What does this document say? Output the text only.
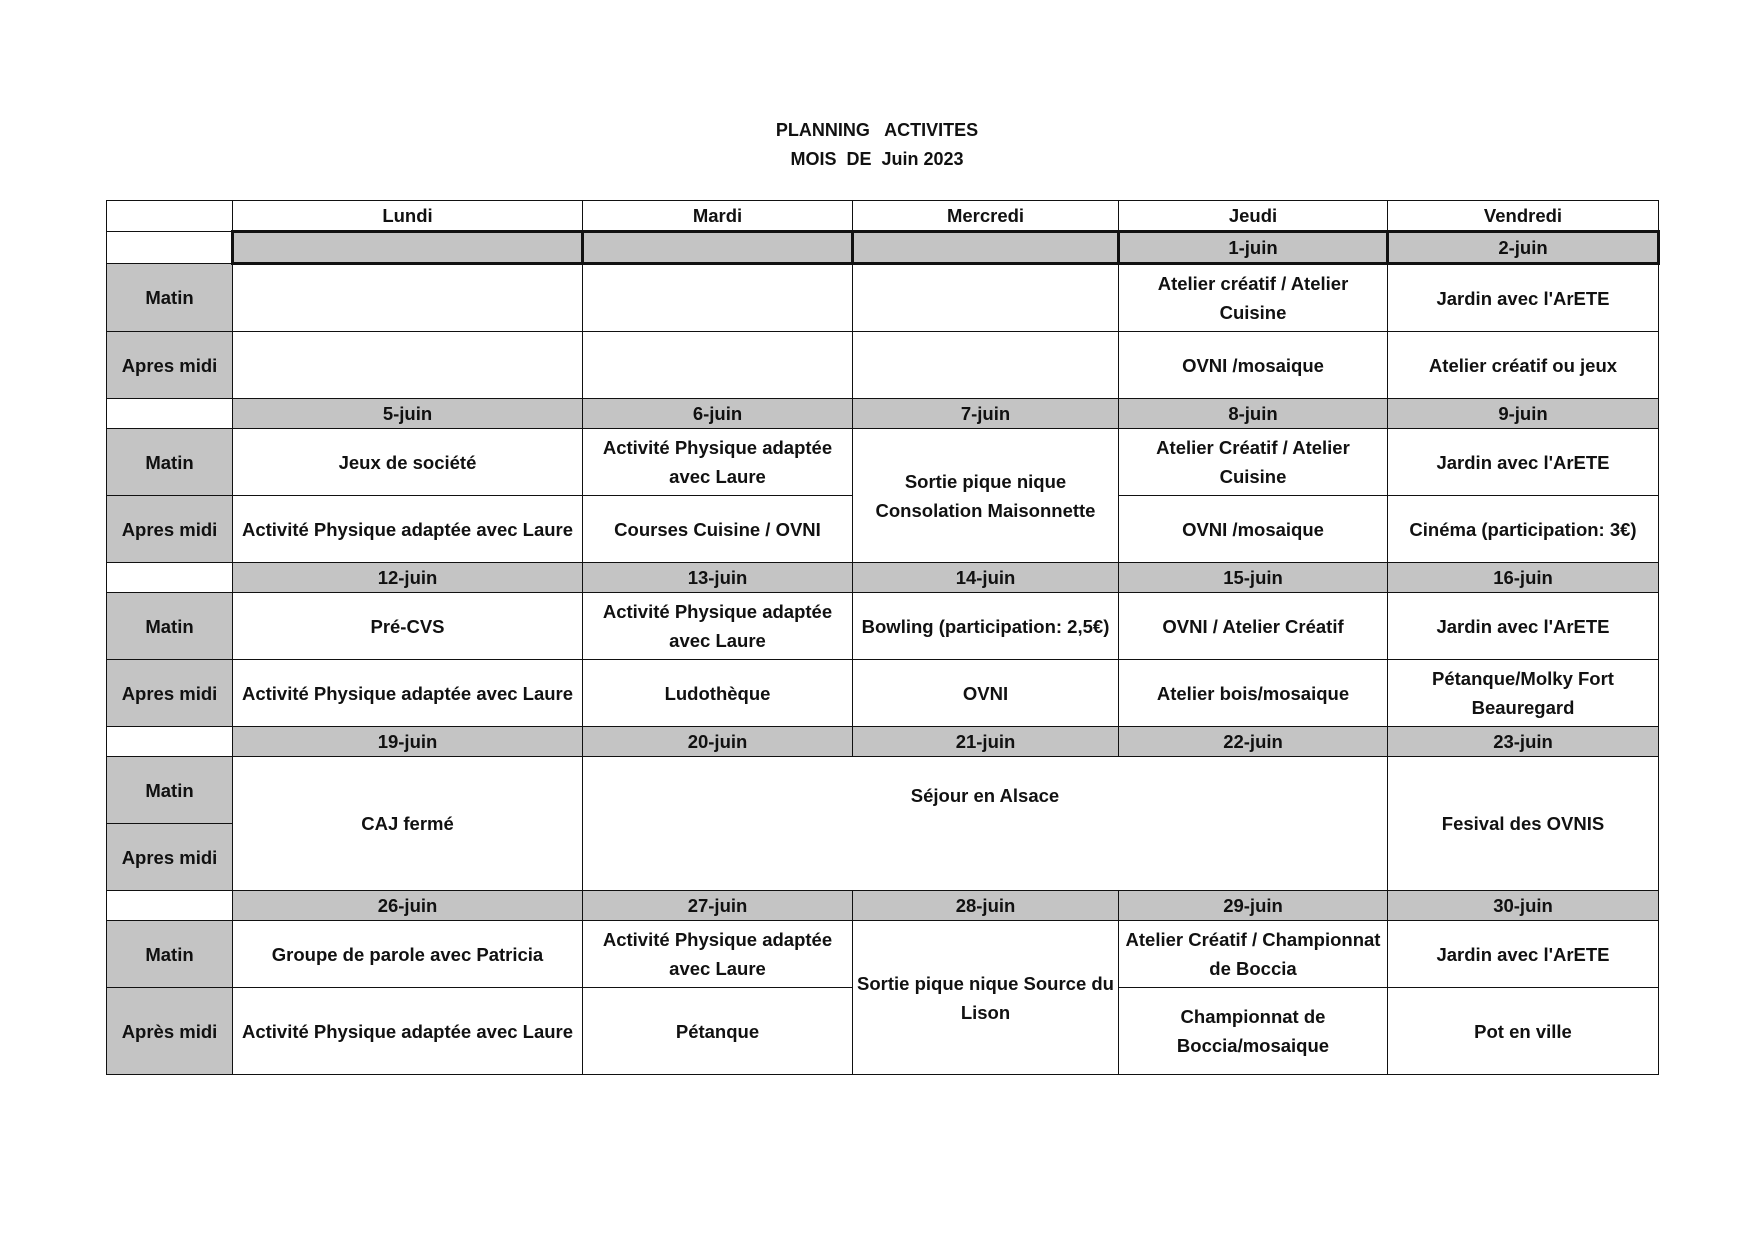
PLANNING   ACTIVITES
MOIS  DE  Juin 2023
	Lundi	Mardi	Mercredi	Jeudi	Vendredi
				1-juin	2-juin
Matin				Atelier créatif / Atelier Cuisine	Jardin avec l'ArETE
Apres midi				OVNI /mosaique	Atelier créatif ou jeux
	5-juin	6-juin	7-juin	8-juin	9-juin
Matin	Jeux de société	Activité Physique adaptée avec Laure	Sortie pique nique Consolation Maisonnette	Atelier Créatif / Atelier Cuisine	Jardin avec l'ArETE
Apres midi	Activité Physique adaptée avec Laure	Courses Cuisine / OVNI		OVNI /mosaique	Cinéma (participation: 3€)
	12-juin	13-juin	14-juin	15-juin	16-juin
Matin	Pré-CVS	Activité Physique adaptée avec Laure	Bowling (participation: 2,5€)	OVNI / Atelier Créatif	Jardin avec l'ArETE
Apres midi	Activité Physique adaptée avec Laure	Ludothèque	OVNI	Atelier bois/mosaique	Pétanque/Molky Fort Beauregard
	19-juin	20-juin	21-juin	22-juin	23-juin
Matin	CAJ fermé	Séjour en Alsace			Fesival des OVNIS
Apres midi					
	26-juin	27-juin	28-juin	29-juin	30-juin
Matin	Groupe de parole avec Patricia	Activité Physique adaptée avec Laure	Sortie pique nique Source du Lison	Atelier Créatif / Championnat de Boccia	Jardin avec l'ArETE
Après midi	Activité Physique adaptée avec Laure	Pétanque		Championnat de Boccia/mosaique	Pot en ville
